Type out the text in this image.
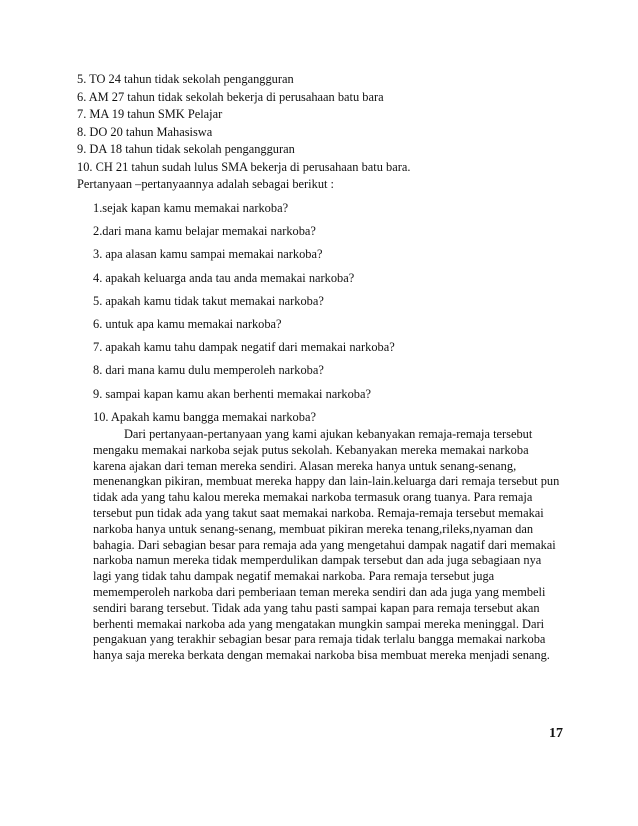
5. TO 24 tahun tidak sekolah pengangguran
6. AM 27 tahun tidak sekolah bekerja di perusahaan batu bara
7. MA 19 tahun SMK Pelajar
8. DO 20 tahun Mahasiswa
9. DA 18 tahun tidak sekolah pengangguran
10. CH 21 tahun sudah lulus SMA bekerja di perusahaan batu bara.
Pertanyaan –pertanyaannya adalah sebagai berikut :
1.sejak kapan kamu memakai narkoba?
2.dari mana kamu belajar memakai narkoba?
3. apa alasan kamu sampai memakai narkoba?
4. apakah keluarga anda tau anda memakai narkoba?
5. apakah kamu tidak takut memakai narkoba?
6. untuk apa kamu memakai narkoba?
7. apakah kamu tahu dampak negatif dari memakai narkoba?
8. dari mana kamu dulu memperoleh narkoba?
9. sampai kapan kamu akan berhenti memakai narkoba?
10. Apakah kamu bangga memakai narkoba?
Dari pertanyaan-pertanyaan yang kami ajukan kebanyakan remaja-remaja tersebut
mengaku memakai narkoba sejak putus sekolah. Kebanyakan mereka memakai narkoba
karena ajakan dari teman mereka sendiri. Alasan mereka hanya untuk senang-senang,
menenangkan pikiran, membuat mereka happy dan lain-lain.keluarga dari remaja tersebut pun
tidak ada yang tahu kalou mereka memakai narkoba termasuk orang tuanya. Para remaja
tersebut pun tidak ada yang takut saat memakai narkoba. Remaja-remaja tersebut memakai
narkoba hanya untuk senang-senang, membuat pikiran mereka tenang,rileks,nyaman dan
bahagia. Dari sebagian besar para remaja ada yang mengetahui dampak nagatif dari memakai
narkoba namun mereka tidak memperdulikan dampak tersebut dan ada juga sebagiaan nya
lagi yang tidak tahu dampak negatif memakai narkoba. Para remaja tersebut juga
mememperoleh narkoba dari pemberiaan teman mereka sendiri dan ada juga yang membeli
sendiri barang tersebut. Tidak ada yang tahu pasti sampai kapan para remaja tersebut akan
berhenti memakai narkoba ada yang mengatakan mungkin sampai mereka meninggal. Dari
pengakuan yang terakhir sebagian besar para remaja tidak terlalu bangga memakai narkoba
hanya saja mereka berkata dengan memakai narkoba bisa membuat mereka menjadi senang.
17
